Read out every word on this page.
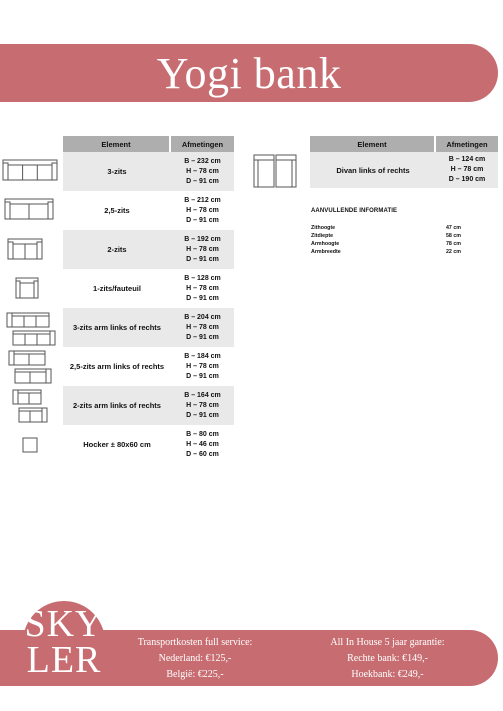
Yogi bank
Element	Afmetingen
3-zits
B – 232 cm
H – 78 cm
D – 91 cm
2,5-zits
B – 212 cm
H – 78 cm
D – 91 cm
2-zits
B – 192 cm
H – 78 cm
D – 91 cm
1-zits/fauteuil
B – 128 cm
H – 78 cm
D – 91 cm
3-zits arm links of rechts
B – 204 cm
H – 78 cm
D – 91 cm
2,5-zits arm links of rechts
B – 184 cm
H – 78 cm
D – 91 cm
2-zits arm links of rechts
B – 164 cm
H – 78 cm
D – 91 cm
Hocker ± 80x60 cm
B – 80 cm
H – 46 cm
D – 60 cm
Element	Afmetingen
Divan links of rechts
B – 124 cm
H – 78 cm
D – 190 cm
AANVULLENDE INFORMATIE
Zithoogte	47 cm
Zitdiepte	58 cm
Armhoogte	78 cm
Armbreedte	22 cm
SKY
LER	Transportkosten full service:
Nederland: €125,-
België: €225,-
All In House 5 jaar garantie:
Rechte bank: €149,-
Hoekbank: €249,-
